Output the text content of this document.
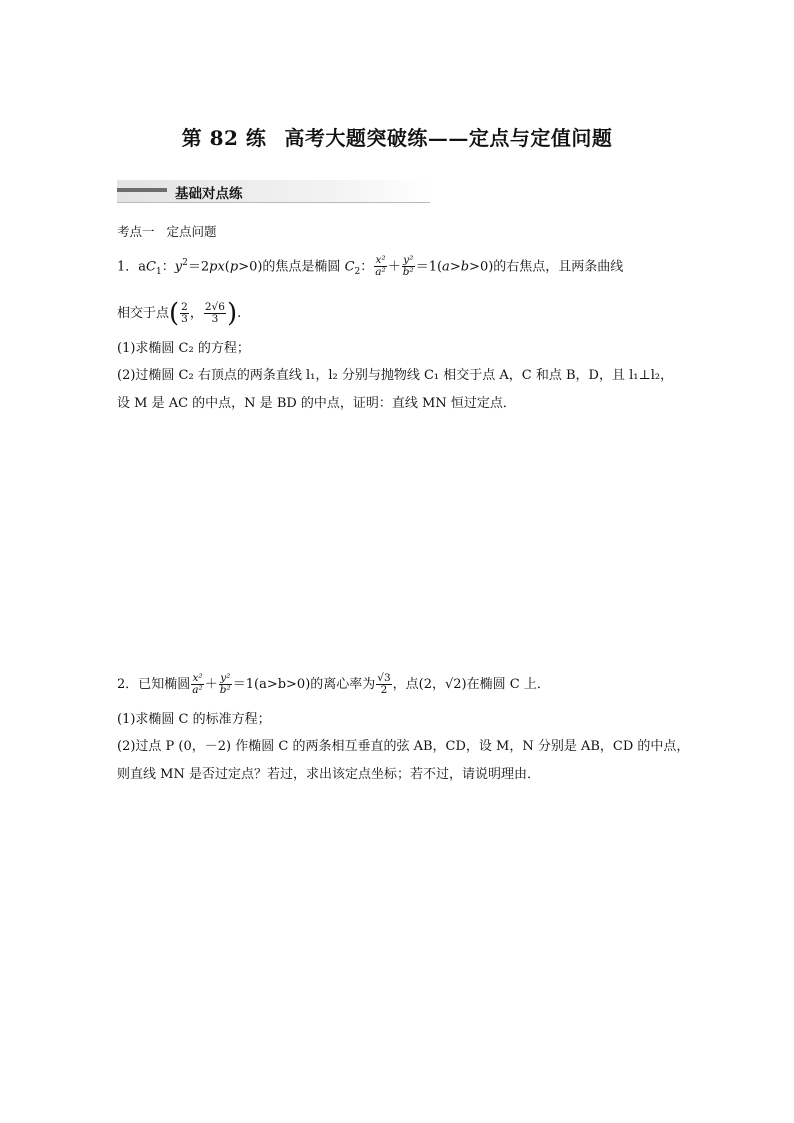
第 82 练 高考大题突破练——定点与定值问题
基础对点练
考点一 定点问题
1．$aC_1$：$y^2=2px(p>0)$的焦点是椭圆 $C_2$： $\frac{\text{x²}}{\text{a²}} + \frac{\text{y²}}{\text{b²}} =1(a>b>0)$的右焦点，且两条曲线
相交于点( $\frac{2}{3}$ ， $\frac{2√6}{3}$ ).
(1)求椭圆 C₂ 的方程；
(2)过椭圆 C₂ 右顶点的两条直线 l₁，l₂ 分别与抛物线 C₁ 相交于点 A，C 和点 B，D，且 l₁⊥l₂，
设 M 是 AC 的中点，N 是 BD 的中点，证明：直线 MN 恒过定点．
2．已知椭圆 $\frac{\text{x²}}{\text{a²}} + \frac{\text{y²}}{\text{b²}} =1(a>b>0)$的离心率为 $\frac{√3}{2}$ ，点(2，√2)在椭圆 C 上．
(1)求椭圆 C 的标准方程；
(2)过点 P (0，－2) 作椭圆 C 的两条相互垂直的弦 AB，CD，设 M，N 分别是 AB，CD 的中点，
则直线 MN 是否过定点？若过，求出该定点坐标；若不过，请说明理由．
